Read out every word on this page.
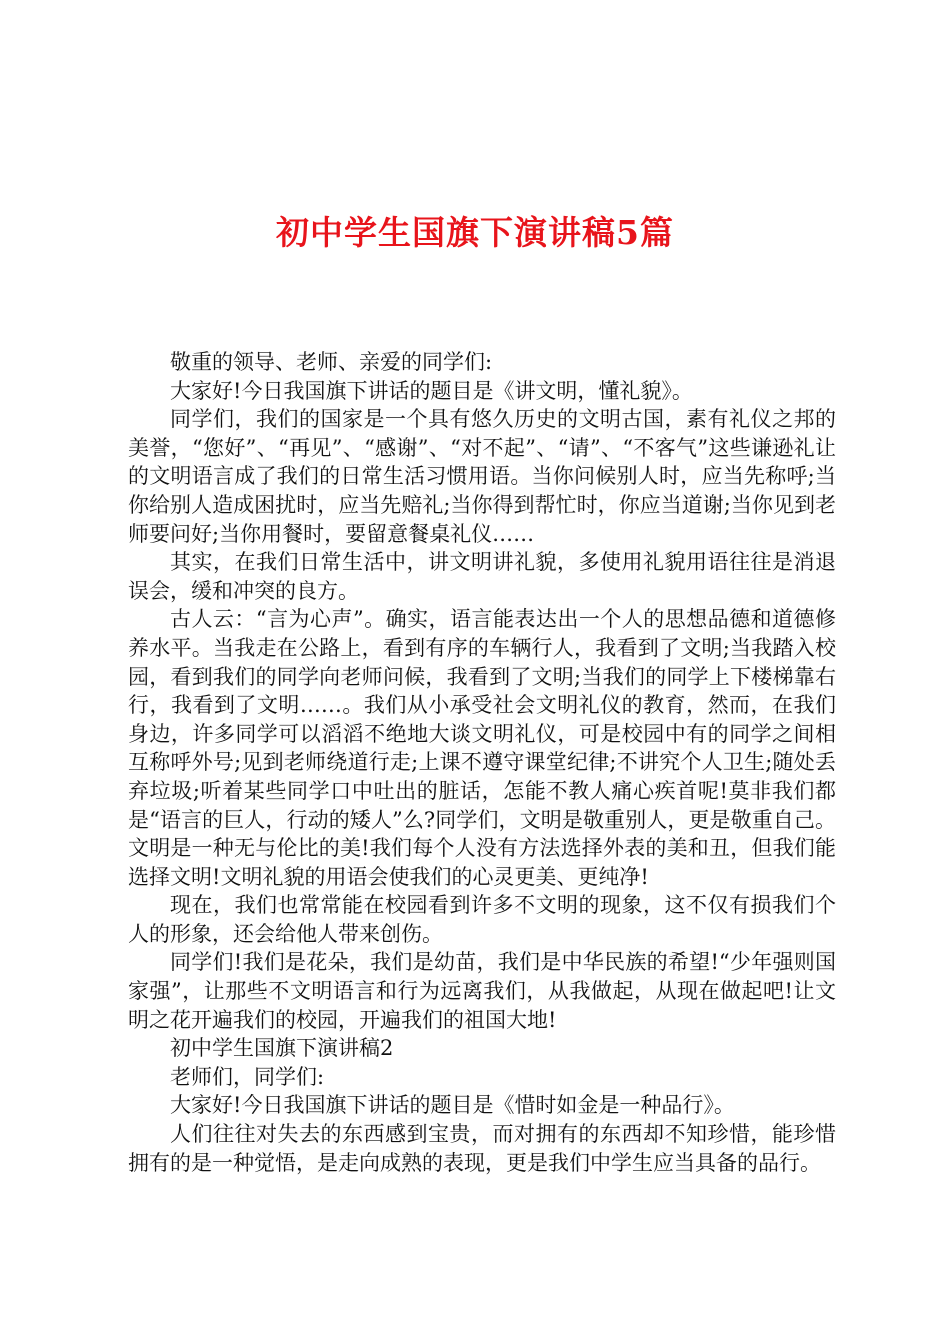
初中学生国旗下演讲稿5篇

敬重的领导、老师、亲爱的同学们:

大家好!今日我国旗下讲话的题目是《讲文明，懂礼貌》。

同学们，我们的国家是一个具有悠久历史的文明古国，素有礼仪之邦的美誉，“您好”、“再见”、“感谢”、“对不起”、“请”、“不客气”这些谦逊礼让的文明语言成了我们的日常生活习惯用语。当你问候别人时，应当先称呼;当你给别人造成困扰时，应当先赔礼;当你得到帮忙时，你应当道谢;当你见到老师要问好;当你用餐时，要留意餐桌礼仪……

其实，在我们日常生活中，讲文明讲礼貌，多使用礼貌用语往往是消退误会，缓和冲突的良方。

古人云：“言为心声”。确实，语言能表达出一个人的思想品德和道德修养水平。当我走在公路上，看到有序的车辆行人，我看到了文明;当我踏入校园，看到我们的同学向老师问候，我看到了文明;当我们的同学上下楼梯靠右行，我看到了文明……。我们从小承受社会文明礼仪的教育，然而，在我们身边，许多同学可以滔滔不绝地大谈文明礼仪，可是校园中有的同学之间相互称呼外号;见到老师绕道行走;上课不遵守课堂纪律;不讲究个人卫生;随处丢弃垃圾;听着某些同学口中吐出的脏话，怎能不教人痛心疾首呢!莫非我们都是“语言的巨人，行动的矮人”么?同学们，文明是敬重别人，更是敬重自己。文明是一种无与伦比的美!我们每个人没有方法选择外表的美和丑，但我们能选择文明!文明礼貌的用语会使我们的心灵更美、更纯净!

现在，我们也常常能在校园看到许多不文明的现象，这不仅有损我们个人的形象，还会给他人带来创伤。

同学们!我们是花朵，我们是幼苗，我们是中华民族的希望!“少年强则国家强”，让那些不文明语言和行为远离我们，从我做起，从现在做起吧!让文明之花开遍我们的校园，开遍我们的祖国大地!

初中学生国旗下演讲稿2

老师们，同学们:

大家好!今日我国旗下讲话的题目是《惜时如金是一种品行》。

人们往往对失去的东西感到宝贵，而对拥有的东西却不知珍惜，能珍惜拥有的是一种觉悟，是走向成熟的表现，更是我们中学生应当具备的品行。
